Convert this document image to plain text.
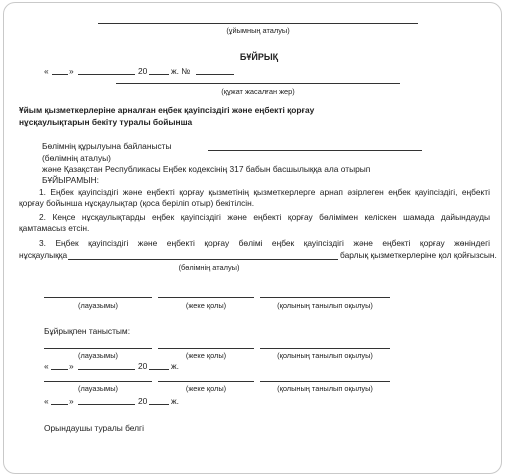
(ұйымның аталуы)
БҰЙРЫҚ
« »	20	ж. №
(құжат жасалған жер)
Ұйым қызметкерлеріне арналған еңбек қауіпсіздігі және еңбекті қорғау
нұсқаулықтарын бекіту туралы бойынша
Бөлімнің құрылуына байланысты
(бөлімнің аталуы)
және Қазақстан Республикасы Еңбек кодексінің 317 бабын басшылыққа ала отырып
БҰЙЫРАМЫН:
1. Еңбек қауіпсіздігі және еңбекті қорғау қызметінің қызметкерлерге арнап әзірлеген еңбек қауіпсіздігі, еңбекті қорғау бойынша нұсқаулықтар (қоса беріліп отыр) бекітілсін.
2. Кеңсе нұсқаулықтарды еңбек қауіпсіздігі және еңбекті қорғау бөлімімен келіскен шамада дайындауды қамтамасыз етсін.
3. Еңбек қауіпсіздігі және еңбекті қорғау бөлімі еңбек қауіпсіздігі және еңбекті қорғау жөніндегі
нұсқаулыққа	барлық қызметкерлеріне қол қойғызсын.
(бөлімнің аталуы)
(лауазымы)	(жеке қолы)	(қолының танылып оқылуы)
Бұйрықпен таныстым:
(лауазымы)	(жеке қолы)	(қолының танылып оқылуы)
« »	20	ж.
(лауазымы)	(жеке қолы)	(қолының танылып оқылуы)
« »	20	ж.
Орындаушы туралы белгі
